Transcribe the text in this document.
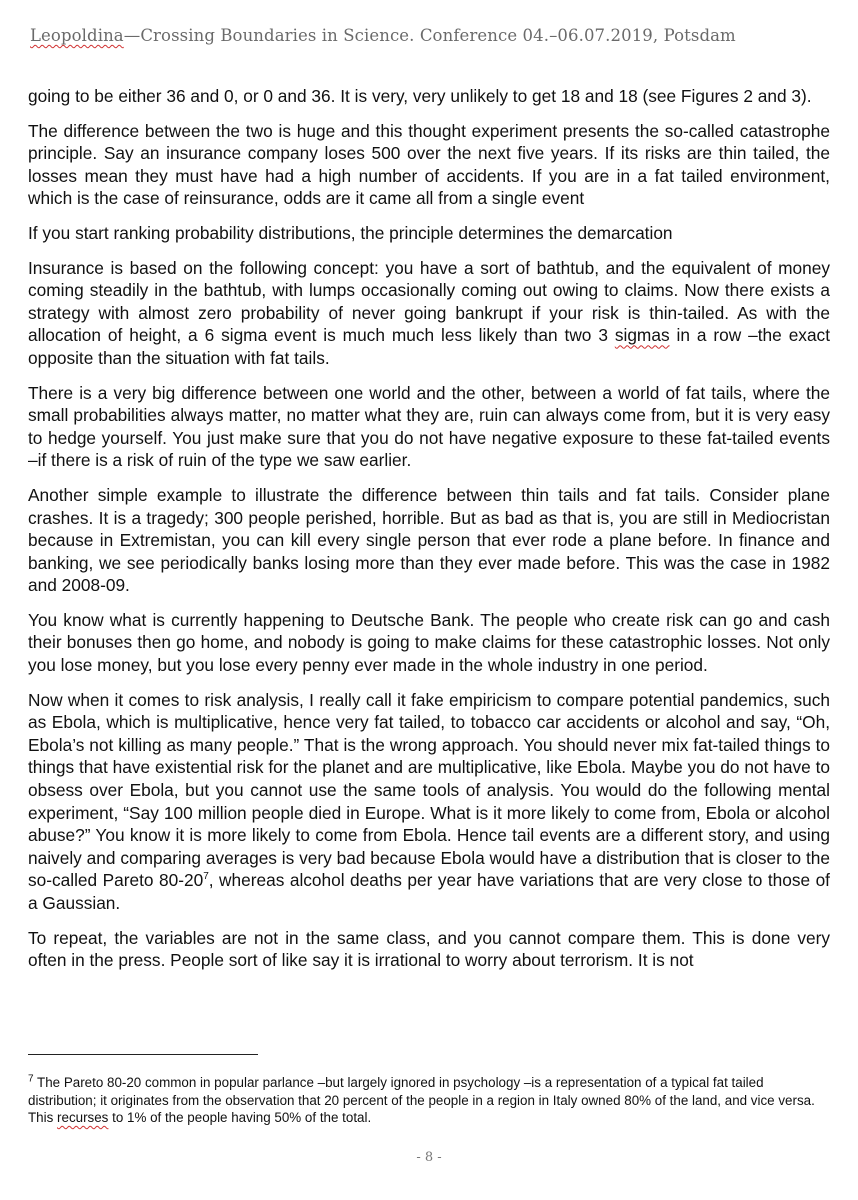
Leopoldina—Crossing Boundaries in Science. Conference 04.–06.07.2019, Potsdam

going to be either 36 and 0, or 0 and 36. It is very, very unlikely to get 18 and 18 (see Figures 2 and 3).

The difference between the two is huge and this thought experiment presents the so-called catastrophe principle. Say an insurance company loses 500 over the next five years. If its risks are thin tailed, the losses mean they must have had a high number of accidents. If you are in a fat tailed environment, which is the case of reinsurance, odds are it came all from a single event

If you start ranking probability distributions, the principle determines the demarcation

Insurance is based on the following concept: you have a sort of bathtub, and the equivalent of money coming steadily in the bathtub, with lumps occasionally coming out owing to claims. Now there exists a strategy with almost zero probability of never going bankrupt if your risk is thin-tailed. As with the allocation of height, a 6 sigma event is much much less likely than two 3 sigmas in a row –the exact opposite than the situation with fat tails.

There is a very big difference between one world and the other, between a world of fat tails, where the small probabilities always matter, no matter what they are, ruin can always come from, but it is very easy to hedge yourself. You just make sure that you do not have negative exposure to these fat-tailed events –if there is a risk of ruin of the type we saw earlier.

Another simple example to illustrate the difference between thin tails and fat tails. Consider plane crashes. It is a tragedy; 300 people perished, horrible. But as bad as that is, you are still in Mediocristan because in Extremistan, you can kill every single person that ever rode a plane before. In finance and banking, we see periodically banks losing more than they ever made before. This was the case in 1982 and 2008-09.

You know what is currently happening to Deutsche Bank. The people who create risk can go and cash their bonuses then go home, and nobody is going to make claims for these catastrophic losses. Not only you lose money, but you lose every penny ever made in the whole industry in one period.

Now when it comes to risk analysis, I really call it fake empiricism to compare potential pandemics, such as Ebola, which is multiplicative, hence very fat tailed, to tobacco car accidents or alcohol and say, “Oh, Ebola’s not killing as many people.” That is the wrong approach. You should never mix fat-tailed things to things that have existential risk for the planet and are multiplicative, like Ebola. Maybe you do not have to obsess over Ebola, but you cannot use the same tools of analysis. You would do the following mental experiment, “Say 100 million people died in Europe. What is it more likely to come from, Ebola or alcohol abuse?” You know it is more likely to come from Ebola. Hence tail events are a different story, and using naively and comparing averages is very bad because Ebola would have a distribution that is closer to the so-called Pareto $80-20^7$, whereas alcohol deaths per year have variations that are very close to those of a Gaussian.

To repeat, the variables are not in the same class, and you cannot compare them. This is done very often in the press. People sort of like say it is irrational to worry about terrorism. It is not

$^7$ The Pareto 80-20 common in popular parlance –but largely ignored in psychology –is a representation of a typical fat tailed distribution; it originates from the observation that 20 percent of the people in a region in Italy owned 80% of the land, and vice versa. This recurses to 1% of the people having 50% of the total.
- 8 -
